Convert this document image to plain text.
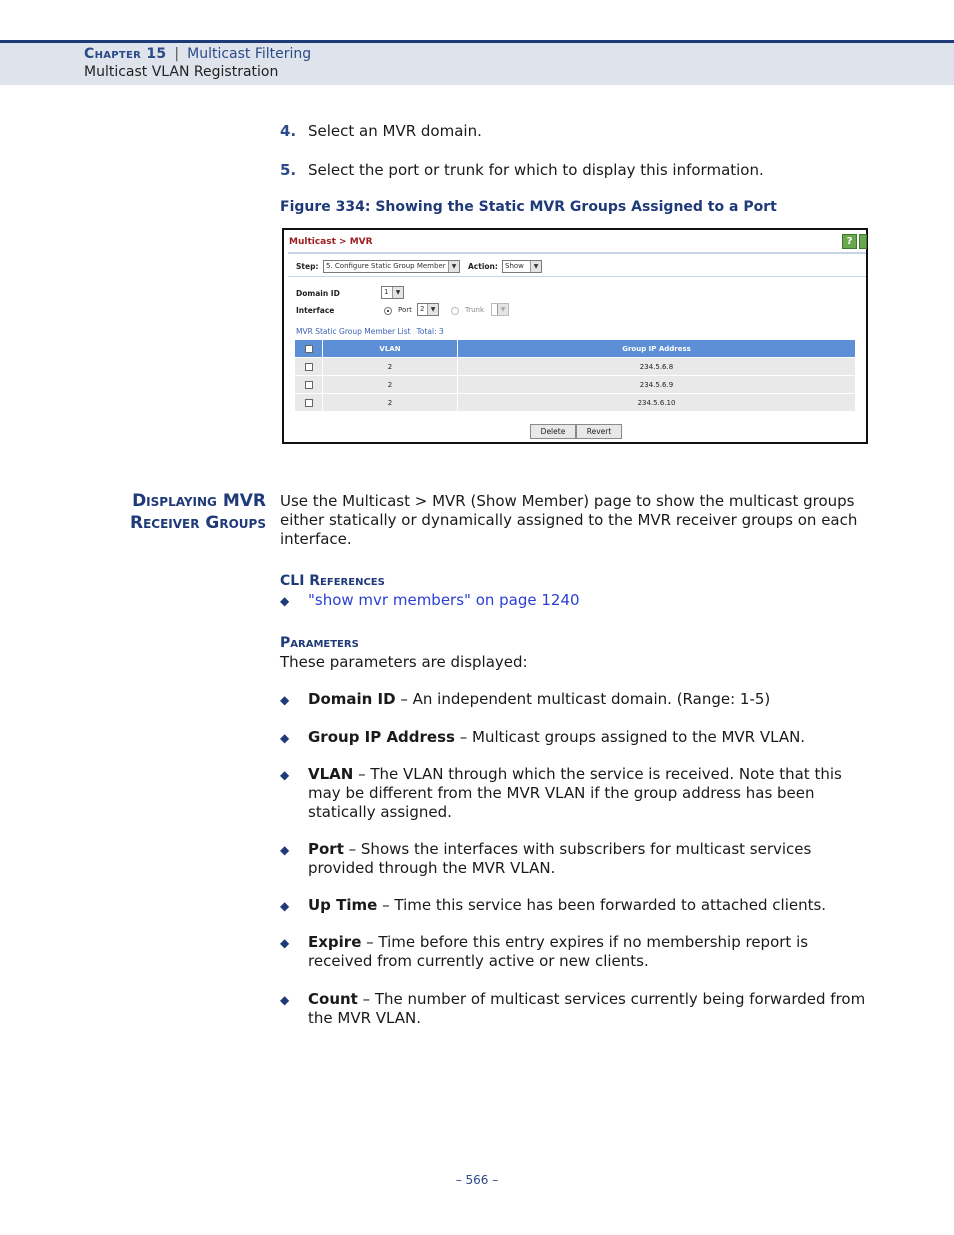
Chapter 15 | Multicast Filtering
Multicast VLAN Registration
4. Select an MVR domain.
5. Select the port or trunk for which to display this information.
Figure 334: Showing the Static MVR Groups Assigned to a Port
Multicast > MVR	?
Step:	5. Configure Static Group Member	▼	Action:	Show	▼
Domain ID	1	▼
Interface	Port	2	▼	Trunk	▼
MVR Static Group Member List Total: 3
	VLAN	Group IP Address
	2	234.5.6.8
	2	234.5.6.9
	2	234.5.6.10
Delete	Revert
Displaying MVR
Receiver Groups
Use the Multicast > MVR (Show Member) page to show the multicast groups either statically or dynamically assigned to the MVR receiver groups on each interface.
CLI References
◆ "show mvr members" on page 1240
Parameters
These parameters are displayed:
◆ Domain ID – An independent multicast domain. (Range: 1-5)
◆ Group IP Address – Multicast groups assigned to the MVR VLAN.
◆ VLAN – The VLAN through which the service is received. Note that this may be different from the MVR VLAN if the group address has been statically assigned.
◆ Port – Shows the interfaces with subscribers for multicast services provided through the MVR VLAN.
◆ Up Time – Time this service has been forwarded to attached clients.
◆ Expire – Time before this entry expires if no membership report is received from currently active or new clients.
◆ Count – The number of multicast services currently being forwarded from the MVR VLAN.
– 566 –
